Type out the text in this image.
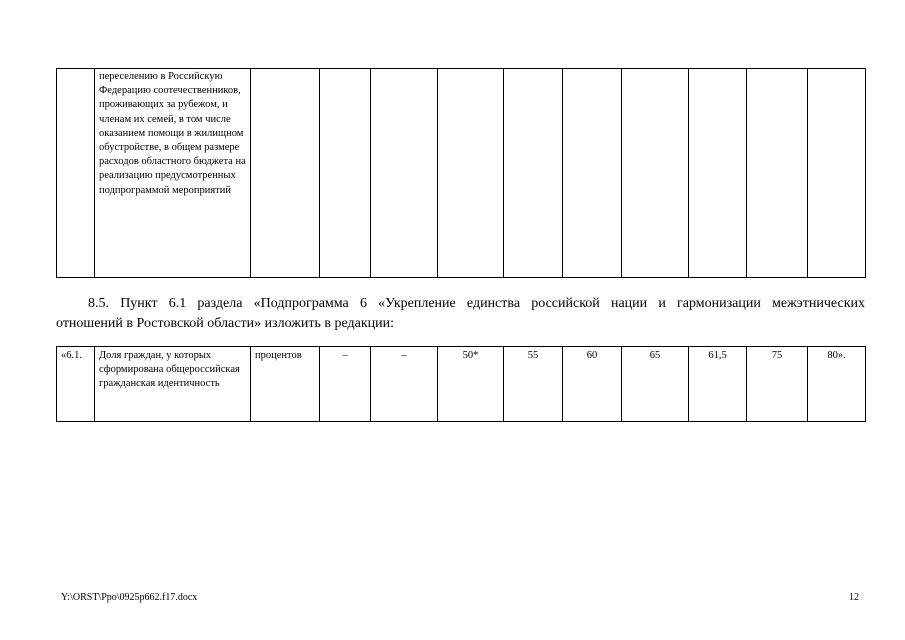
	переселению в Российскую Федерацию соотечественников, проживающих за рубежом, и членам их семей, в том числе оказанием помощи в жилищном обустройстве, в общем размере расходов областного бюджета на реализацию предусмотренных подпрограммой мероприятий										
8.5. Пункт 6.1 раздела «Подпрограмма 6 «Укрепление единства российской нации и гармонизации межэтнических
отношений в Ростовской области» изложить в редакции:
«6.1.	Доля граждан, у которых сформирована общероссийская гражданская идентичность	процентов	–	–	50*	55	60	65	61,5	75	80».
Y:\ORST\Ppo\0925p662.f17.docx	12
